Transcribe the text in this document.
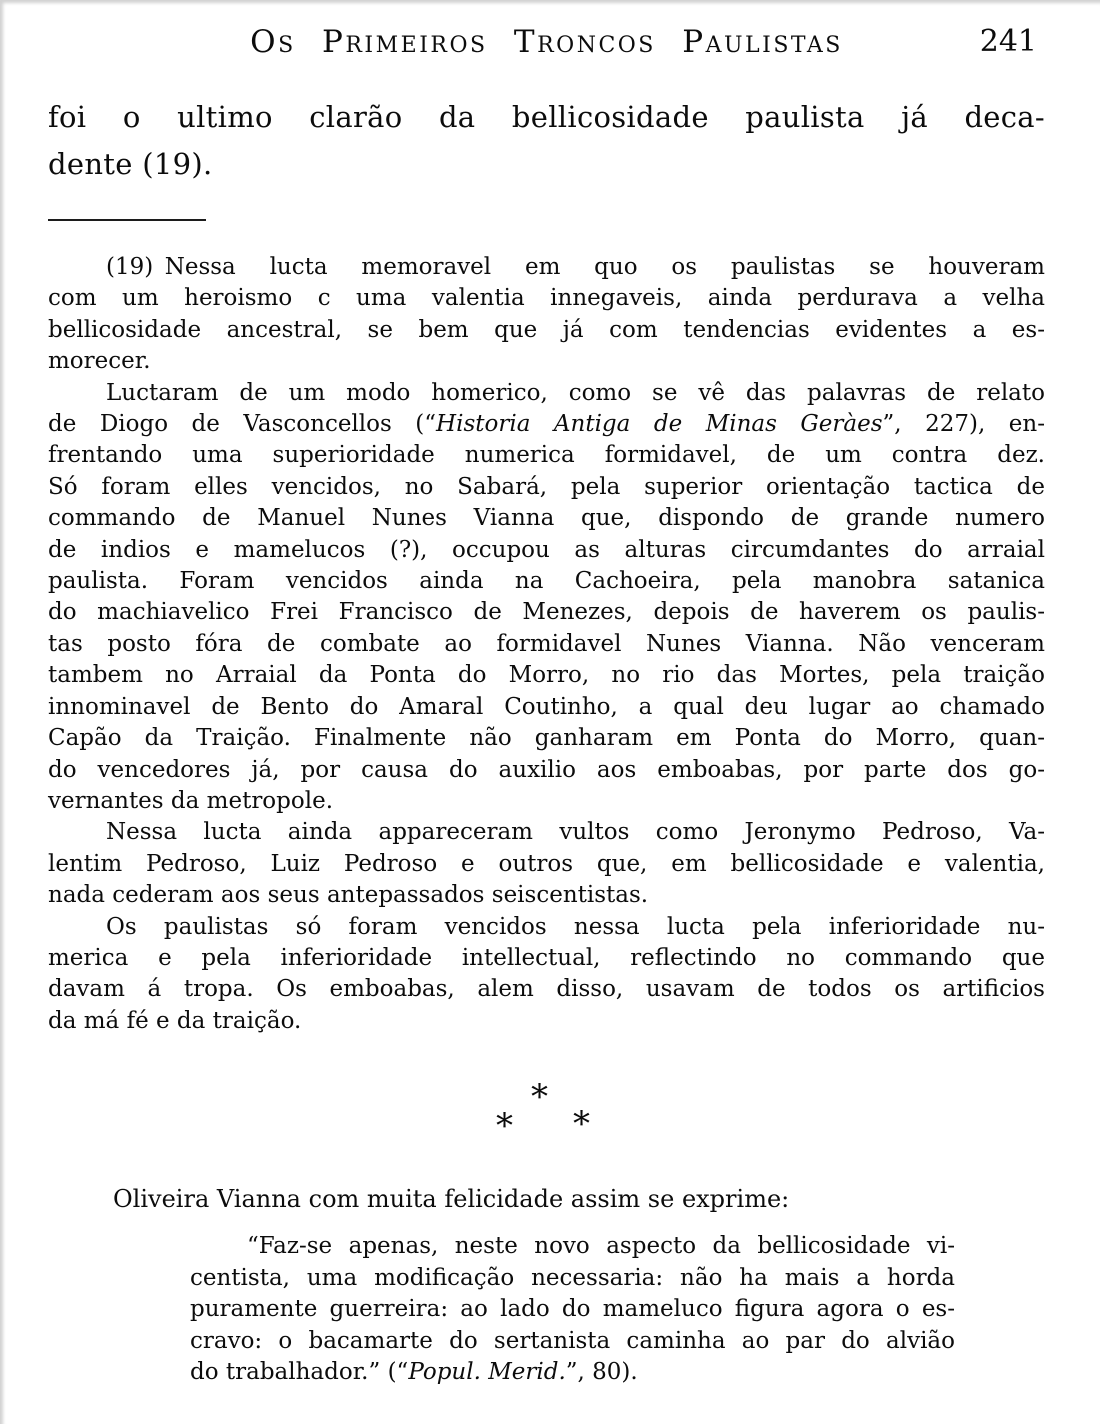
Os Primeiros Troncos Paulistas	241
foi o ultimo clarão da bellicosidade paulista já deca-
dente (19).
(19) Nessa lucta memoravel em quo os paulistas se houveram
com um heroismo c uma valentia innegaveis, ainda perdurava a velha
bellicosidade ancestral, se bem que já com tendencias evidentes a es-
morecer.
Luctaram de um modo homerico, como se vê das palavras de relato
de Diogo de Vasconcellos (“Historia Antiga de Minas Geràes”, 227), en-
frentando uma superioridade numerica formidavel, de um contra dez.
Só foram elles vencidos, no Sabará, pela superior orientação tactica de
commando de Manuel Nunes Vianna que, dispondo de grande numero
de indios e mamelucos (?), occupou as alturas circumdantes do arraial
paulista. Foram vencidos ainda na Cachoeira, pela manobra satanica
do machiavelico Frei Francisco de Menezes, depois de haverem os paulis-
tas posto fóra de combate ao formidavel Nunes Vianna. Não venceram
tambem no Arraial da Ponta do Morro, no rio das Mortes, pela traição
innominavel de Bento do Amaral Coutinho, a qual deu lugar ao chamado
Capão da Traição. Finalmente não ganharam em Ponta do Morro, quan-
do vencedores já, por causa do auxilio aos emboabas, por parte dos go-
vernantes da metropole.
Nessa lucta ainda appareceram vultos como Jeronymo Pedroso, Va-
lentim Pedroso, Luiz Pedroso e outros que, em bellicosidade e valentia,
nada cederam aos seus antepassados seiscentistas.
Os paulistas só foram vencidos nessa lucta pela inferioridade nu-
merica e pela inferioridade intellectual, reflectindo no commando que
davam á tropa. Os emboabas, alem disso, usavam de todos os artificios
da má fé e da traição.
*
* *
Oliveira Vianna com muita felicidade assim se exprime:
“Faz-se apenas, neste novo aspecto da bellicosidade vi-
centista, uma modificação necessaria: não ha mais a horda
puramente guerreira: ao lado do mameluco figura agora o es-
cravo: o bacamarte do sertanista caminha ao par do alvião
do trabalhador.” (“Popul. Merid.”, 80).
